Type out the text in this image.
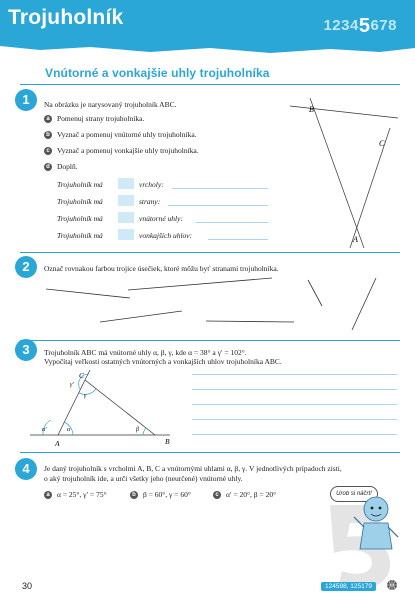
Trojuholník	12345678
Vnútorné a vonkajšie uhly trojuholníka
1	Na obrázku je narysovaný trojuholník ABC.
a Pomenuj strany trojuholníka.
b Vyznač a pomenuj vnútorné uhly trojuholníka.
c Vyznač a pomenuj vonkajšie uhly trojuholníka.
d Doplň.
Trojuholník má	vrcholy:
Trojuholník má	strany:
Trojuholník má	vnútorné uhly:
Trojuholník má	vonkajších uhlov:
B
C
A
2	Označ rovnakou farbou trojice úsečiek, ktoré môžu byť stranami trojuholníka.
3	Trojuholník ABC má vnútorné uhly α, β, γ, kde α = 38° a γ′ = 102°.
Vypočítaj veľkosti ostatných vnútorných a vonkajších uhlov trojuholníka ABC.
C
A	B
γ′
γ
α′	α	β
4	Je daný trojuholník s vrcholmi A, B, C a vnútornými uhlami α, β, γ. V jednotlivých prípadoch zisti,
o aký trojuholník ide, a urči všetky jeho (neurčené) vnútorné uhly.
a α = 25°, γ′ = 75°	b β = 60°, γ = 60°	c α′ = 20°, β = 20°	Urob si náčrt!
30	124598, 125179
